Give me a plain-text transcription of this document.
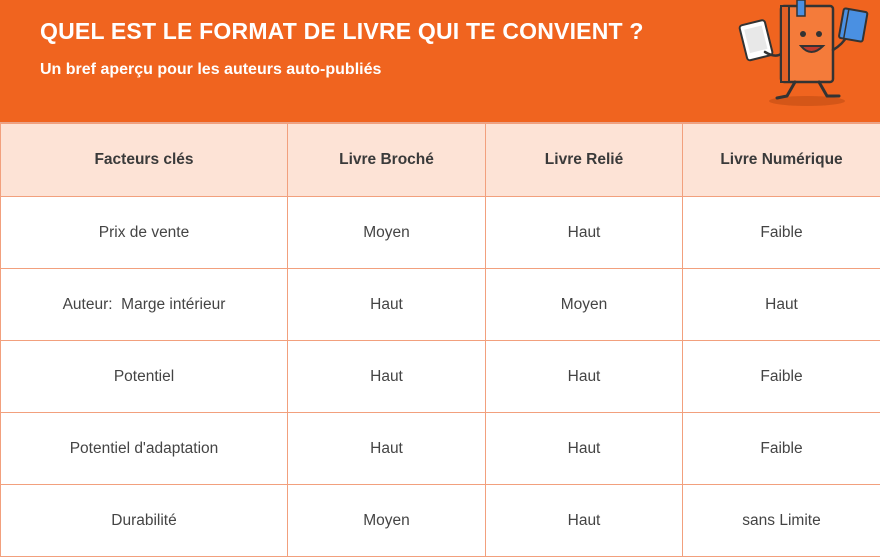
QUEL EST LE FORMAT DE LIVRE QUI TE CONVIENT ?
Un bref aperçu pour les auteurs auto-publiés
Facteurs clés	Livre Broché	Livre Relié	Livre Numérique
Prix de vente	Moyen	Haut	Faible
Auteur:  Marge intérieur	Haut	Moyen	Haut
Potentiel	Haut	Haut	Faible
Potentiel d'adaptation	Haut	Haut	Faible
Durabilité	Moyen	Haut	sans Limite
